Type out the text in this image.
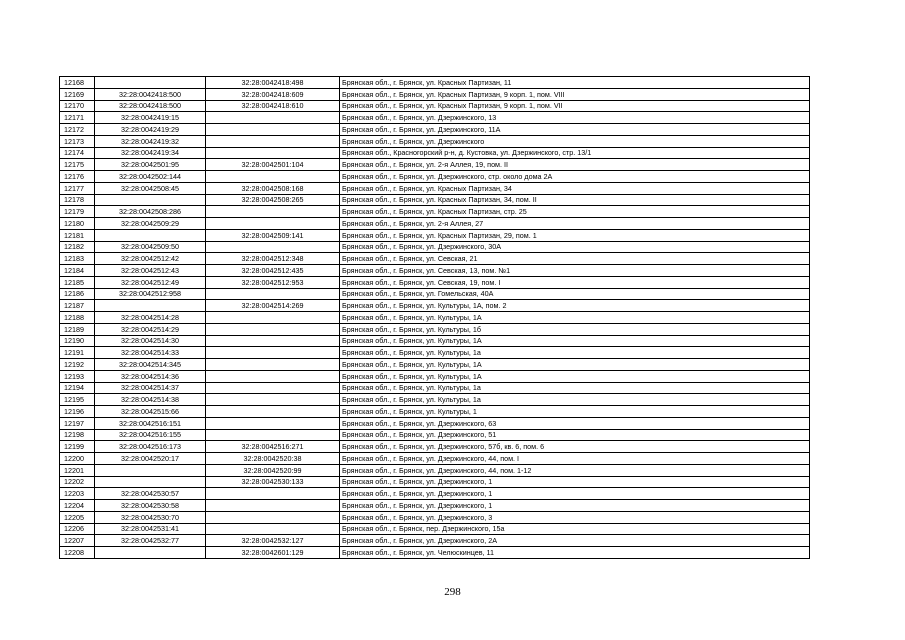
12168		32:28:0042418:498	Брянская обл., г. Брянск, ул. Красных Партизан, 11
12169	32:28:0042418:500	32:28:0042418:609	Брянская обл., г. Брянск, ул. Красных Партизан, 9 корп. 1, пом. VIII
12170	32:28:0042418:500	32:28:0042418:610	Брянская обл., г. Брянск, ул. Красных Партизан, 9 корп. 1, пом. VII
12171	32:28:0042419:15		Брянская обл., г. Брянск, ул. Дзержинского, 13
12172	32:28:0042419:29		Брянская обл., г. Брянск, ул. Дзержинского, 11А
12173	32:28:0042419:32		Брянская обл., г. Брянск, ул. Дзержинского
12174	32:28:0042419:34		Брянская обл., Красногорский р-н, д. Кустовка, ул. Дзержинского, стр. 13/1
12175	32:28:0042501:95	32:28:0042501:104	Брянская обл., г. Брянск, ул. 2-я Аллея, 19, пом. II
12176	32:28:0042502:144		Брянская обл., г. Брянск, ул. Дзержинского, стр. около дома 2А
12177	32:28:0042508:45	32:28:0042508:168	Брянская обл., г. Брянск, ул. Красных Партизан, 34
12178		32:28:0042508:265	Брянская обл., г. Брянск, ул. Красных Партизан, 34, пом. II
12179	32:28:0042508:286		Брянская обл., г. Брянск, ул. Красных Партизан, стр. 25
12180	32:28:0042509:29		Брянская обл., г. Брянск, ул. 2-я Аллея, 27
12181		32:28:0042509:141	Брянская обл., г. Брянск, ул. Красных Партизан, 29, пом. 1
12182	32:28:0042509:50		Брянская обл., г. Брянск, ул. Дзержинского, 30А
12183	32:28:0042512:42	32:28:0042512:348	Брянская обл., г. Брянск, ул. Севская, 21
12184	32:28:0042512:43	32:28:0042512:435	Брянская обл., г. Брянск, ул. Севская, 13, пом. №1
12185	32:28:0042512:49	32:28:0042512:953	Брянская обл., г. Брянск, ул. Севская, 19, пом. I
12186	32:28:0042512:958		Брянская обл., г. Брянск, ул. Гомельская, 40А
12187		32:28:0042514:269	Брянская обл., г. Брянск, ул. Культуры, 1А, пом. 2
12188	32:28:0042514:28		Брянская обл., г. Брянск, ул. Культуры, 1А
12189	32:28:0042514:29		Брянская обл., г. Брянск, ул. Культуры, 1б
12190	32:28:0042514:30		Брянская обл., г. Брянск, ул. Культуры, 1А
12191	32:28:0042514:33		Брянская обл., г. Брянск, ул. Культуры, 1а
12192	32:28:0042514:345		Брянская обл., г. Брянск, ул. Культуры, 1А
12193	32:28:0042514:36		Брянская обл., г. Брянск, ул. Культуры, 1А
12194	32:28:0042514:37		Брянская обл., г. Брянск, ул. Культуры, 1а
12195	32:28:0042514:38		Брянская обл., г. Брянск, ул. Культуры, 1а
12196	32:28:0042515:66		Брянская обл., г. Брянск, ул. Культуры, 1
12197	32:28:0042516:151		Брянская обл., г. Брянск, ул. Дзержинского, 63
12198	32:28:0042516:155		Брянская обл., г. Брянск, ул. Дзержинского, 51
12199	32:28:0042516:173	32:28:0042516:271	Брянская обл., г. Брянск, ул. Дзержинского, 57б, кв. 6, пом. 6
12200	32:28:0042520:17	32:28:0042520:38	Брянская обл., г. Брянск, ул. Дзержинского, 44, пом. I
12201		32:28:0042520:99	Брянская обл., г. Брянск, ул. Дзержинского, 44, пом. 1-12
12202		32:28:0042530:133	Брянская обл., г. Брянск, ул. Дзержинского, 1
12203	32:28:0042530:57		Брянская обл., г. Брянск, ул. Дзержинского, 1
12204	32:28:0042530:58		Брянская обл., г. Брянск, ул. Дзержинского, 1
12205	32:28:0042530:70		Брянская обл., г. Брянск, ул. Дзержинского, 3
12206	32:28:0042531:41		Брянская обл., г. Брянск, пер. Дзержинского, 15а
12207	32:28:0042532:77	32:28:0042532:127	Брянская обл., г. Брянск, ул. Дзержинского, 2А
12208		32:28:0042601:129	Брянская обл., г. Брянск, ул. Челюскинцев, 11
298
